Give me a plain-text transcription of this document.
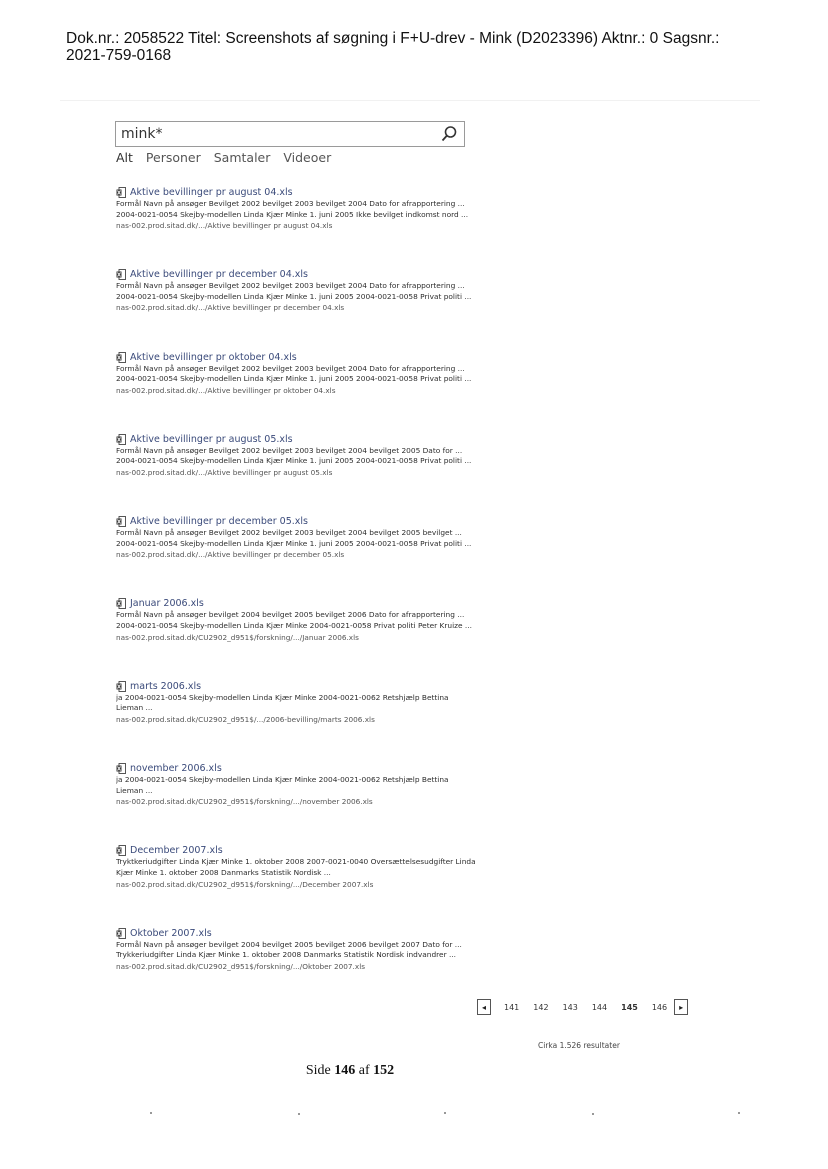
Dok.nr.: 2058522 Titel: Screenshots af søgning i F+U-drev - Mink (D2023396) Aktnr.: 0 Sagsnr.:
2021-759-0168
mink*
Alt Personer Samtaler Videoer
Aktive bevillinger pr august 04.xls
Formål Navn på ansøger Bevilget 2002 bevilget 2003 bevilget 2004 Dato for afrapportering ... 2004-0021-0054 Skejby-modellen Linda Kjær Minke 1. juni 2005 Ikke bevilget indkomst nord ...
nas-002.prod.sitad.dk/.../Aktive bevillinger pr august 04.xls
Aktive bevillinger pr december 04.xls
Formål Navn på ansøger Bevilget 2002 bevilget 2003 bevilget 2004 Dato for afrapportering ... 2004-0021-0054 Skejby-modellen Linda Kjær Minke 1. juni 2005 2004-0021-0058 Privat politi ...
nas-002.prod.sitad.dk/.../Aktive bevillinger pr december 04.xls
Aktive bevillinger pr oktober 04.xls
Formål Navn på ansøger Bevilget 2002 bevilget 2003 bevilget 2004 Dato for afrapportering ... 2004-0021-0054 Skejby-modellen Linda Kjær Minke 1. juni 2005 2004-0021-0058 Privat politi ...
nas-002.prod.sitad.dk/.../Aktive bevillinger pr oktober 04.xls
Aktive bevillinger pr august 05.xls
Formål Navn på ansøger Bevilget 2002 bevilget 2003 bevilget 2004 bevilget 2005 Dato for ... 2004-0021-0054 Skejby-modellen Linda Kjær Minke 1. juni 2005 2004-0021-0058 Privat politi ...
nas-002.prod.sitad.dk/.../Aktive bevillinger pr august 05.xls
Aktive bevillinger pr december 05.xls
Formål Navn på ansøger Bevilget 2002 bevilget 2003 bevilget 2004 bevilget 2005 bevilget ... 2004-0021-0054 Skejby-modellen Linda Kjær Minke 1. juni 2005 2004-0021-0058 Privat politi ...
nas-002.prod.sitad.dk/.../Aktive bevillinger pr december 05.xls
Januar 2006.xls
Formål Navn på ansøger bevilget 2004 bevilget 2005 bevilget 2006 Dato for afrapportering ... 2004-0021-0054 Skejby-modellen Linda Kjær Minke 2004-0021-0058 Privat politi Peter Kruize ...
nas-002.prod.sitad.dk/CU2902_d951$/forskning/.../Januar 2006.xls
marts 2006.xls
ja 2004-0021-0054 Skejby-modellen Linda Kjær Minke 2004-0021-0062 Retshjælp Bettina Lieman ...
nas-002.prod.sitad.dk/CU2902_d951$/.../2006-bevilling/marts 2006.xls
november 2006.xls
ja 2004-0021-0054 Skejby-modellen Linda Kjær Minke 2004-0021-0062 Retshjælp Bettina Lieman ...
nas-002.prod.sitad.dk/CU2902_d951$/forskning/.../november 2006.xls
December 2007.xls
Tryktkeriudgifter Linda Kjær Minke 1. oktober 2008 2007-0021-0040 Oversættelsesudgifter Linda Kjær Minke 1. oktober 2008 Danmarks Statistik Nordisk ...
nas-002.prod.sitad.dk/CU2902_d951$/forskning/.../December 2007.xls
Oktober 2007.xls
Formål Navn på ansøger bevilget 2004 bevilget 2005 bevilget 2006 bevilget 2007 Dato for ... Trykkeriudgifter Linda Kjær Minke 1. oktober 2008 Danmarks Statistik Nordisk indvandrer ...
nas-002.prod.sitad.dk/CU2902_d951$/forskning/.../Oktober 2007.xls
◂ 141 142 143 144 145 146 ▸
Cirka 1.526 resultater
Side 146 af 152
